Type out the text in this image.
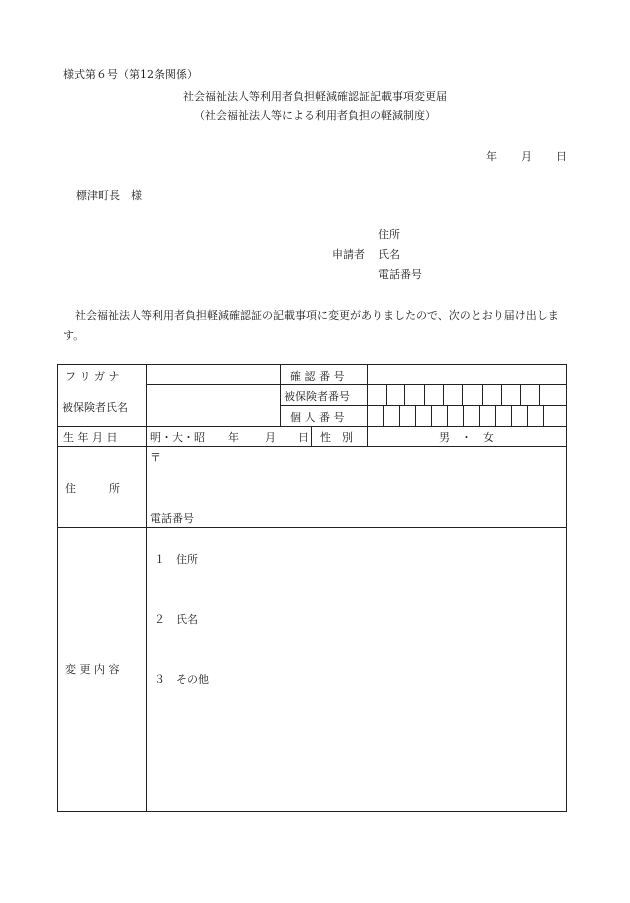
様式第６号（第12条関係）
社会福祉法人等利用者負担軽減確認証記載事項変更届
（社会福祉法人等による利用者負担の軽減制度）
年 月 日
標津町長　様
住所
申請者 氏名
電話番号
社会福祉法人等利用者負担軽減確認証の記載事項に変更がありましたので、次のとおり届け出します。
フ リ ガ ナ
被保険者氏名
確 認 番 号
被保険者番号
個 人 番 号
生 年 月 日	明・大・昭 年 月 日 性　別	男　・　女
住　　　所
〒
電話番号
変 更 内 容
１　住所
２　氏名
３　その他
